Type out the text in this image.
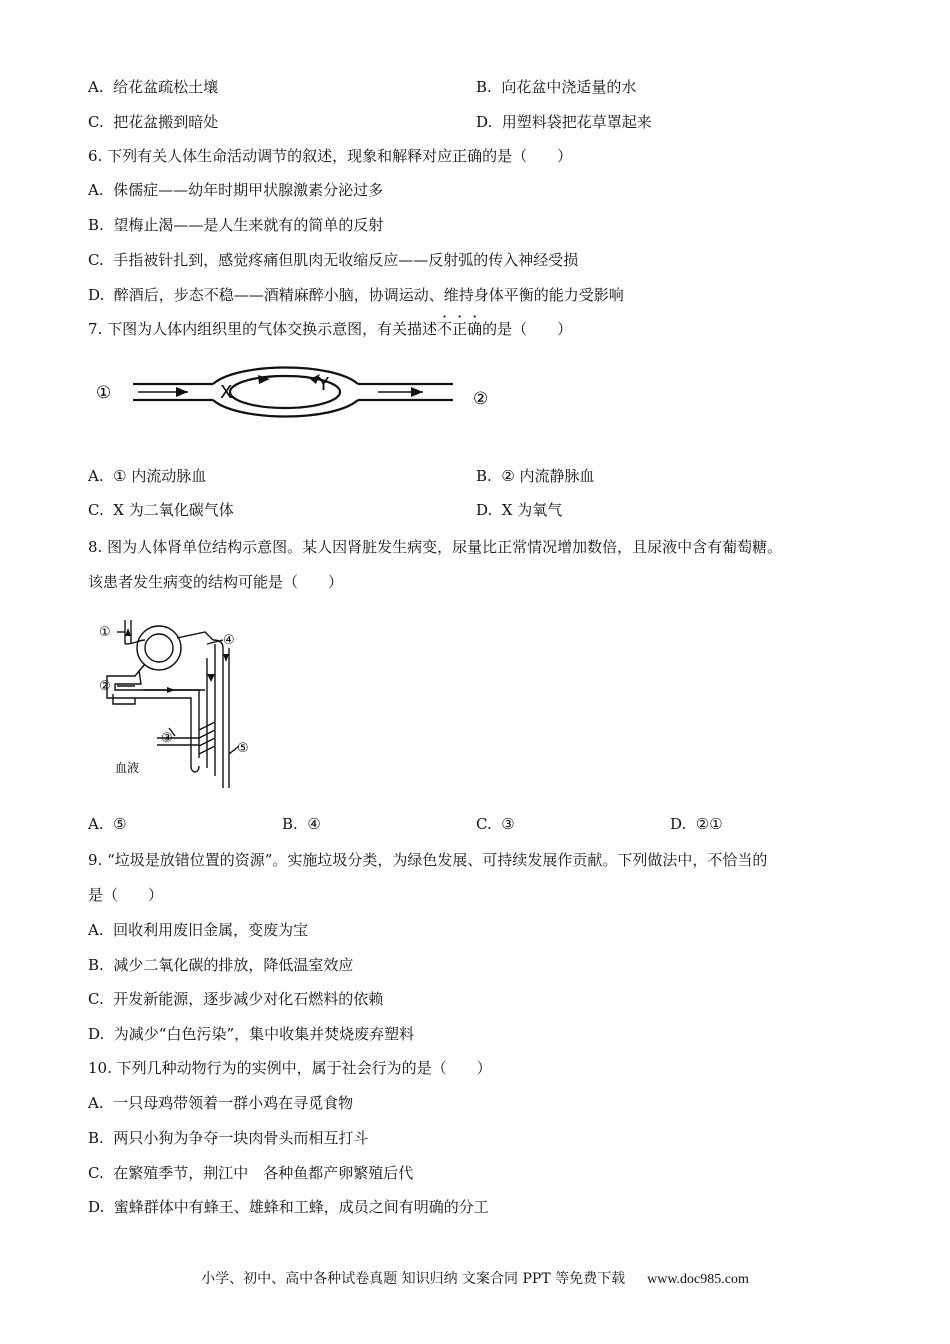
A.  给花盆疏松土壤	B.  向花盆中浇适量的水
C.  把花盆搬到暗处	D.  用塑料袋把花草罩起来
6. 下列有关人体生命活动调节的叙述，现象和解释对应正确的是（　　）
A.  侏儒症——幼年时期甲状腺激素分泌过多
B.  望梅止渴——是人生来就有的简单的反射
C.  手指被针扎到，感觉疼痛但肌肉无收缩反应——反射弧的传入神经受损
D.  醉酒后，步态不稳——酒精麻醉小脑，协调运动、维持身体平衡的能力受影响
7. 下图为人体内组织里的气体交换示意图，有关描述不正确的是（　　）
①	②
X	Y
A.  ① 内流动脉血	B.  ② 内流静脉血
C.  X 为二氧化碳气体	D.  X 为氧气
8. 图为人体肾单位结构示意图。某人因肾脏发生病变，尿量比正常情况增加数倍，且尿液中含有葡萄糖。
该患者发生病变的结构可能是（　　）
①
②
③
④
⑤
血液
A.  ⑤	B.  ④	C.  ③	D.  ②①
9. “垃圾是放错位置的资源”。实施垃圾分类，为绿色发展、可持续发展作贡献。下列做法中，不恰当的
是（　　）
A.  回收利用废旧金属，变废为宝
B.  减少二氧化碳的排放，降低温室效应
C.  开发新能源，逐步减少对化石燃料的依赖
D.  为减少“白色污染”，集中收集并焚烧废弃塑料
10. 下列几种动物行为的实例中，属于社会行为的是（　　）
A.  一只母鸡带领着一群小鸡在寻觅食物
B.  两只小狗为争夺一块肉骨头而相互打斗
C.  在繁殖季节，荆江中　各种鱼都产卵繁殖后代
D.  蜜蜂群体中有蜂王、雄蜂和工蜂，成员之间有明确的分工
小学、初中、高中各种试卷真题 知识归纳 文案合同 PPT 等免费下载 www.doc985.com
